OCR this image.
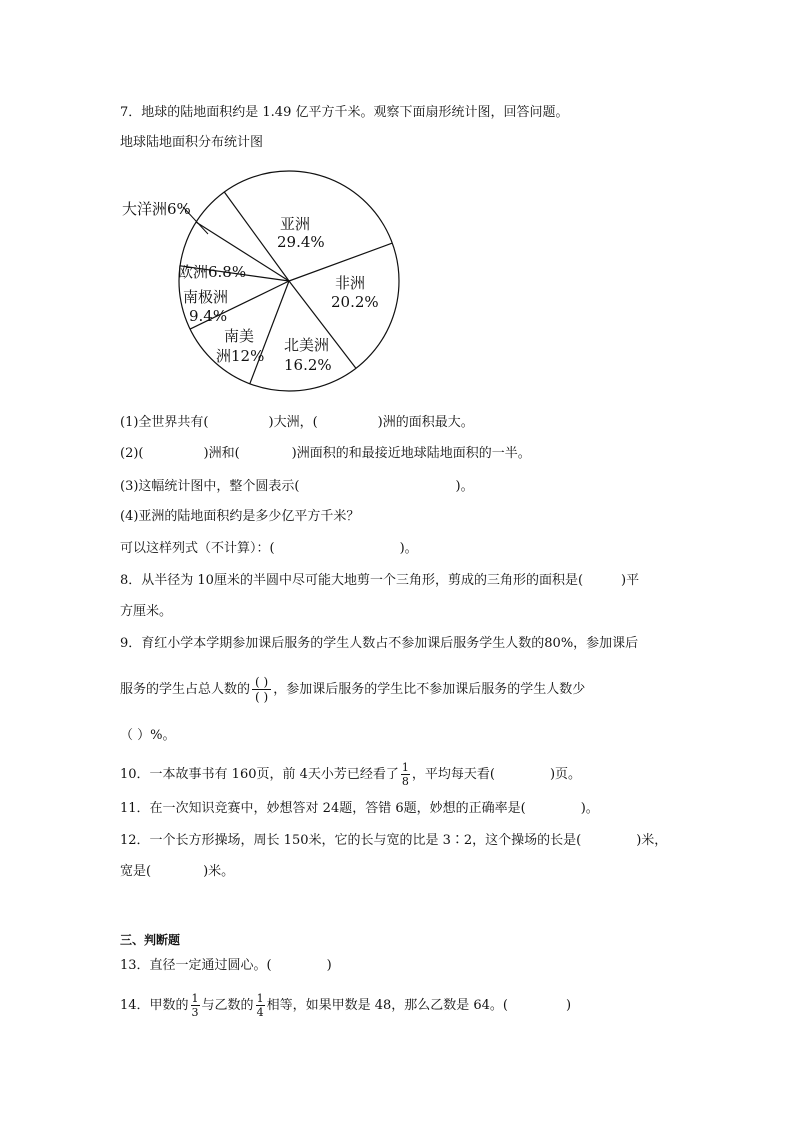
7．地球的陆地面积约是 1.49 亿平方千米。观察下面扇形统计图，回答问题。
地球陆地面积分布统计图
大洋洲6%
亚洲
29.4%
非洲
20.2%
欧洲6.8%
南极洲
9.4%
南美
洲12%
北美洲
16.2%
(1)全世界共有(	)大洲，(	)洲的面积最大。
(2)(	)洲和(	)洲面积的和最接近地球陆地面积的一半。
(3)这幅统计图中，整个圆表示(	)。
(4)亚洲的陆地面积约是多少亿平方千米？
可以这样列式（不计算）：(	)。
8．从半径为 10厘米的半圆中尽可能大地剪一个三角形，剪成的三角形的面积是(	)平
方厘米。
9．育红小学本学期参加课后服务的学生人数占不参加课后服务学生人数的80%，参加课后
服务的学生占总人数的 $\frac{( )}{( )}$ ，参加课后服务的学生比不参加课后服务的学生人数少
（ ）%。
10．一本故事书有 160页，前 4天小芳已经看了 $\frac{1}{8}$ ，平均每天看(	)页。
11．在一次知识竞赛中，妙想答对 24题，答错 6题，妙想的正确率是(	)。
12．一个长方形操场，周长 150米，它的长与宽的比是 3∶2，这个操场的长是(	)米，
宽是(	)米。
三、判断题
13．直径一定通过圆心。(	)
14．甲数的 $\frac{1}{3}$ 与乙数的 $\frac{1}{4}$ 相等，如果甲数是 48，那么乙数是 64。(	)
